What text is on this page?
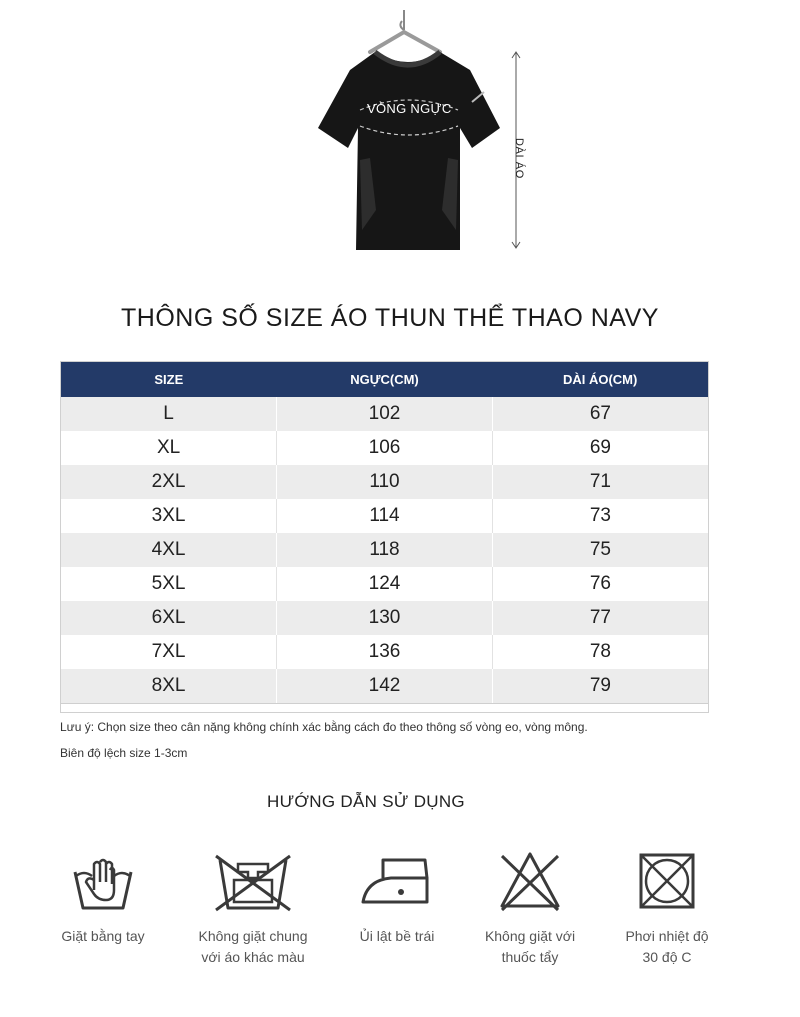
VÒNG NGỰC
DÀI ÁO
THÔNG SỐ SIZE ÁO THUN THỂ THAO NAVY
SIZE	NGỰC(CM)	DÀI ÁO(CM)
L	102	67
XL	106	69
2XL	110	71
3XL	114	73
4XL	118	75
5XL	124	76
6XL	130	77
7XL	136	78
8XL	142	79
Lưu ý: Chọn size theo cân nặng không chính xác bằng cách đo theo thông số vòng eo, vòng mông.
Biên độ lệch size 1-3cm
HƯỚNG DẪN SỬ DỤNG
Giặt bằng tay	Không giặt chung
với áo khác màu
Ủi lật bề trái	Không giặt với
thuốc tẩy
Phơi nhiệt độ
30 độ C
